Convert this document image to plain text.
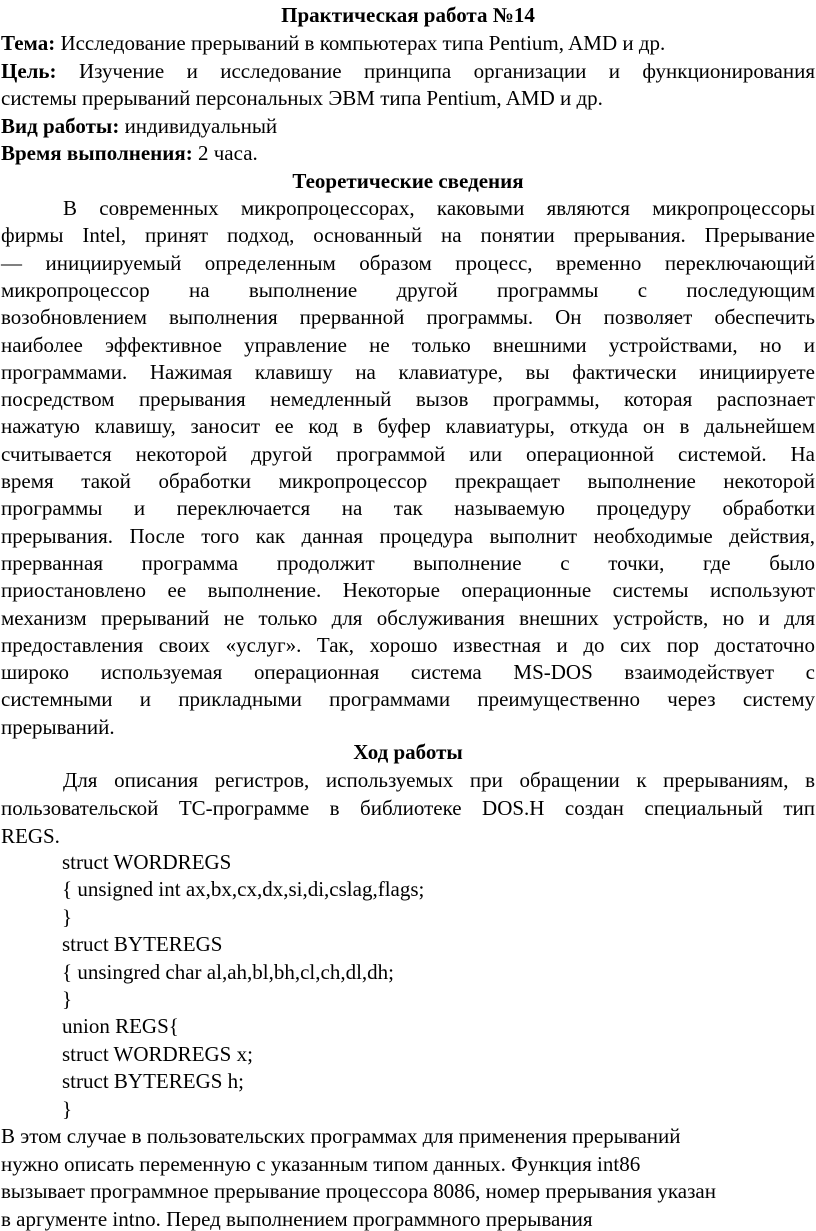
Практическая работа №14
Тема: Исследование прерываний в компьютерах типа Pentium, AMD и др.
Цель: Изучение и исследование принципа организации и функционирования
системы прерываний персональных ЭВМ типа Pentium, AMD и др.
Вид работы: индивидуальный
Время выполнения: 2 часа.
Теоретические сведения
В современных микропроцессорах, каковыми являются микропроцессоры
фирмы Intel, принят подход, основанный на понятии прерывания. Прерывание
— инициируемый определенным образом процесс, временно переключающий
микропроцессор на выполнение другой программы с последующим
возобновлением выполнения прерванной программы. Он позволяет обеспечить
наиболее эффективное управление не только внешними устройствами, но и
программами. Нажимая клавишу на клавиатуре, вы фактически инициируете
посредством прерывания немедленный вызов программы, которая распознает
нажатую клавишу, заносит ее код в буфер клавиатуры, откуда он в дальнейшем
считывается некоторой другой программой или операционной системой. На
время такой обработки микропроцессор прекращает выполнение некоторой
программы и переключается на так называемую процедуру обработки
прерывания. После того как данная процедура выполнит необходимые действия,
прерванная программа продолжит выполнение с точки, где было
приостановлено ее выполнение. Некоторые операционные системы используют
механизм прерываний не только для обслуживания внешних устройств, но и для
предоставления своих «услуг». Так, хорошо известная и до сих пор достаточно
широко используемая операционная система MS-DOS взаимодействует с
системными и прикладными программами преимущественно через систему
прерываний.
Ход работы
Для описания регистров, используемых при обращении к прерываниям, в
пользовательской TC-программе в библиотеке DOS.H создан специальный тип
REGS.
struct WORDREGS
{ unsigned int ax,bx,cx,dx,si,di,cslag,flags;
}
struct BYTEREGS
{ unsingred char al,ah,bl,bh,cl,ch,dl,dh;
}
union REGS{
struct WORDREGS x;
struct BYTEREGS h;
}
В этом случае в пользовательских программах для применения прерываний
нужно описать переменную с указанным типом данных. Функция int86
вызывает программное прерывание процессора 8086, номер прерывания указан
в аргументе intno. Перед выполнением программного прерывания
